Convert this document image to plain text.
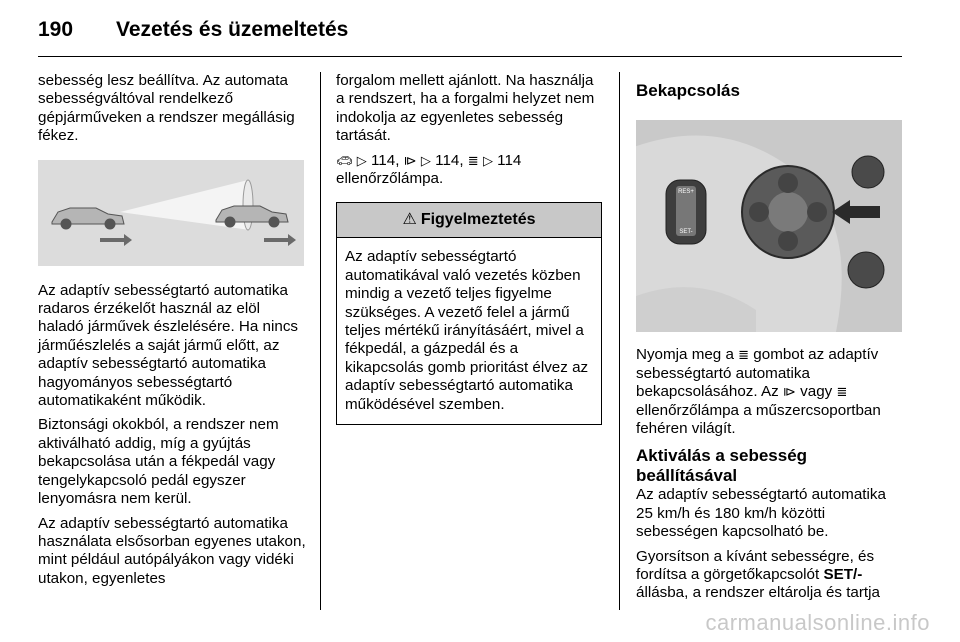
190 Vezetés és üzemeltetés

sebesség lesz beállítva. Az automata sebességváltóval rendelkező gépjárműveken a rendszer megállásig fékez.

Az adaptív sebességtartó automatika radaros érzékelőt használ az elöl haladó járművek észlelésére. Ha nincs járműészlelés a saját jármű előtt, az adaptív sebességtartó automatika hagyományos sebességtartó automatikaként működik.

Biztonsági okokból, a rendszer nem aktiválható addig, míg a gyújtás bekapcsolása után a fékpedál vagy tengelykapcsoló pedál egyszer lenyomásra nem kerül.

Az adaptív sebességtartó automatika használata elsősorban egyenes utakon, mint például autópályákon vagy vidéki utakon, egyenletes

forgalom mellett ajánlott. Na használja a rendszert, ha a forgalmi helyzet nem indokolja az egyenletes sebesség tartását.

🚗︎ ▷ 114, ⧐ ▷ 114, ≣ ▷ 114
ellenőrzőlámpa.

⚠ Figyelmeztetés
Az adaptív sebességtartó automatikával való vezetés közben mindig a vezető teljes figyelme szükséges. A vezető felel a jármű teljes mértékű irányításáért, mivel a fékpedál, a gázpedál és a kikapcsolás gomb prioritást élvez az adaptív sebességtartó automatika működésével szemben.
Bekapcsolás
RES+
SET-

Nyomja meg a ≣ gombot az adaptív sebességtartó automatika bekapcsolásához. Az ⧐ vagy ≣ ellenőrzőlámpa a műszercsoportban fehéren világít.

Aktiválás a sebesség beállításával

Az adaptív sebességtartó automatika 25 km/h és 180 km/h közötti sebességen kapcsolható be.

Gyorsítson a kívánt sebességre, és fordítsa a görgetőkapcsolót SET/- állásba, a rendszer eltárolja és tartja

carmanualsonline.info
